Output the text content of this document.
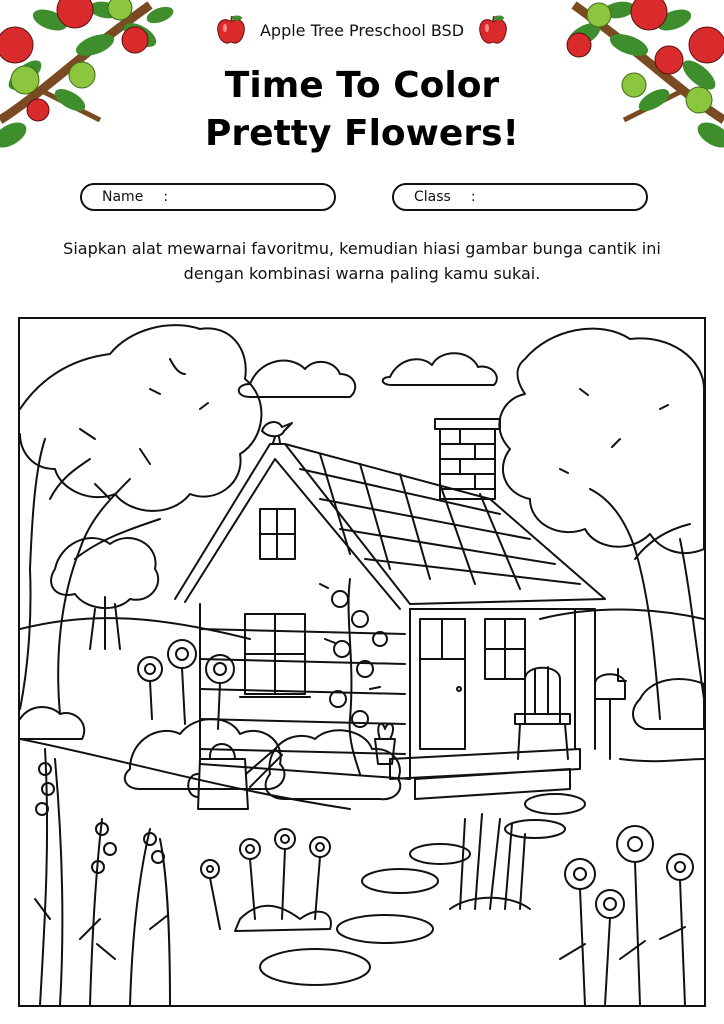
Apple Tree Preschool BSD
Time To Color
Pretty Flowers!
Name :	Class :
Siapkan alat mewarnai favoritmu, kemudian hiasi gambar bunga cantik ini dengan kombinasi warna paling kamu sukai.
